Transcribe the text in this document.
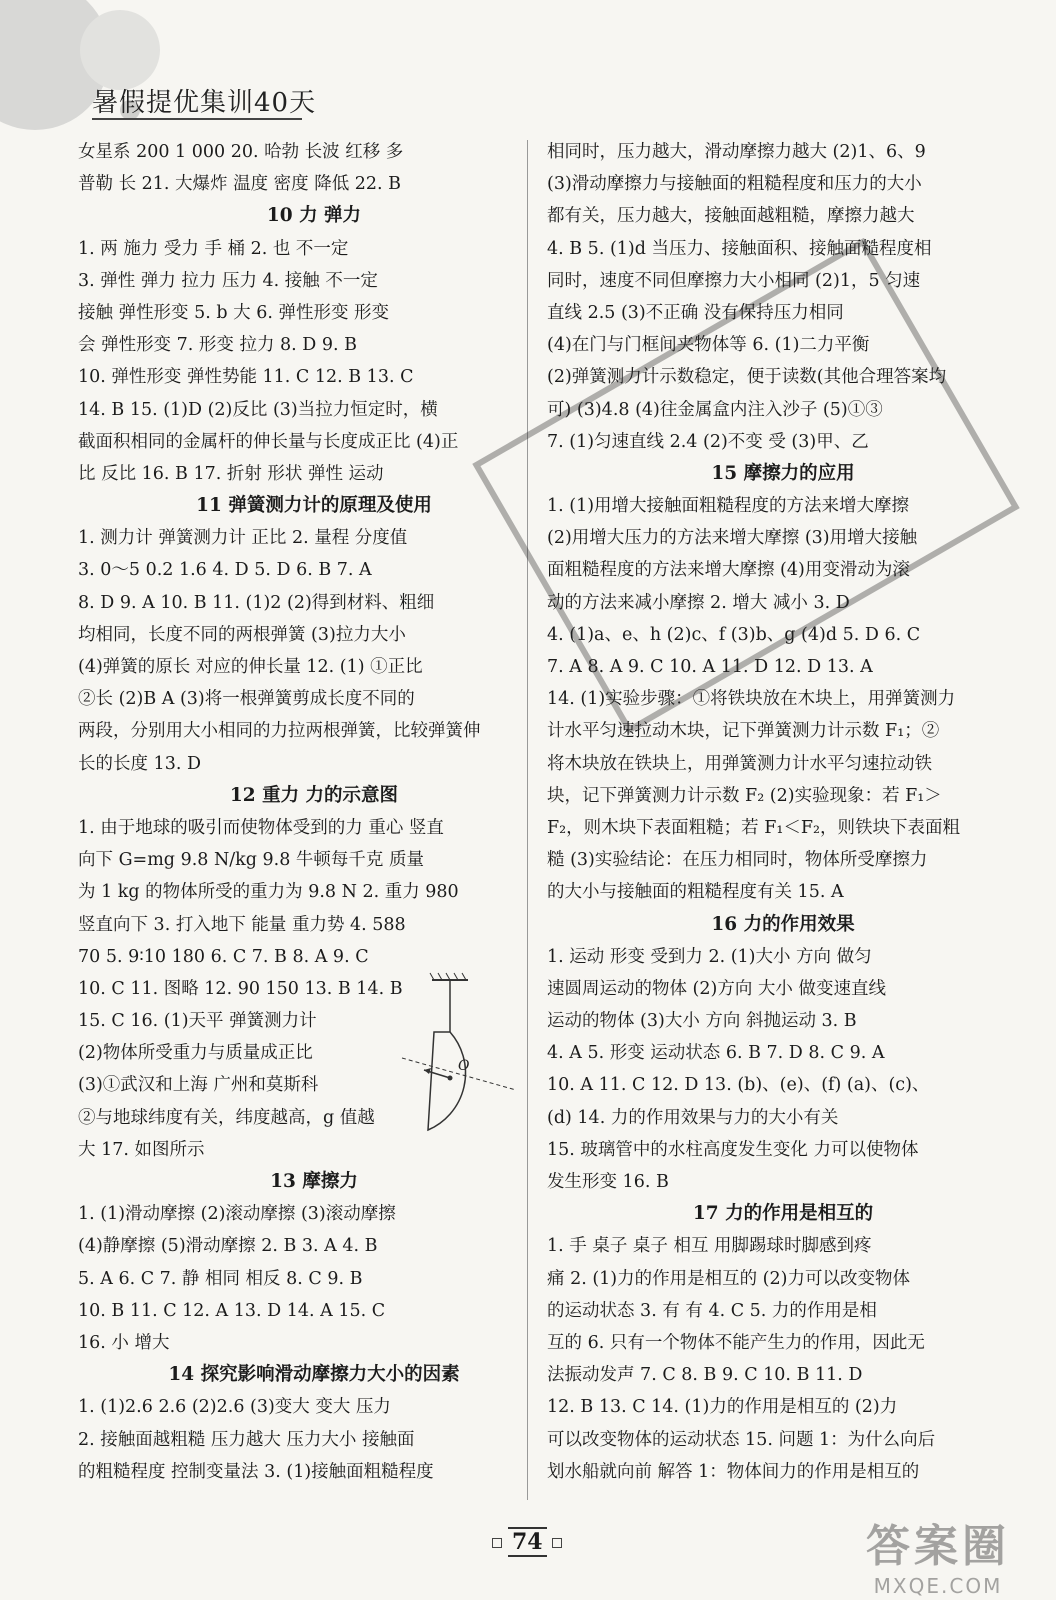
暑假提优集训40天
女星系 200 1 000 20. 哈勃 长波 红移 多
普勒 长 21. 大爆炸 温度 密度 降低 22. B
10 力 弹力
1. 两 施力 受力 手 桶 2. 也 不一定
3. 弹性 弹力 拉力 压力 4. 接触 不一定
接触 弹性形变 5. b 大 6. 弹性形变 形变
会 弹性形变 7. 形变 拉力 8. D 9. B
10. 弹性形变 弹性势能 11. C 12. B 13. C
14. B 15. (1)D (2)反比 (3)当拉力恒定时，横
截面积相同的金属杆的伸长量与长度成正比 (4)正
比 反比 16. B 17. 折射 形状 弹性 运动
11 弹簧测力计的原理及使用
1. 测力计 弹簧测力计 正比 2. 量程 分度值
3. 0～5 0.2 1.6 4. D 5. D 6. B 7. A
8. D 9. A 10. B 11. (1)2 (2)得到材料、粗细
均相同，长度不同的两根弹簧 (3)拉力大小
(4)弹簧的原长 对应的伸长量 12. (1) ①正比
②长 (2)B A (3)将一根弹簧剪成长度不同的
两段，分别用大小相同的力拉两根弹簧，比较弹簧伸
长的长度 13. D
12 重力 力的示意图
1. 由于地球的吸引而使物体受到的力 重心 竖直
向下 G=mg 9.8 N/kg 9.8 牛顿每千克 质量
为 1 kg 的物体所受的重力为 9.8 N 2. 重力 980
竖直向下 3. 打入地下 能量 重力势 4. 588
70 5. 9∶10 180 6. C 7. B 8. A 9. C
10. C 11. 图略 12. 90 150 13. B 14. B
15. C 16. (1)天平 弹簧测力计
(2)物体所受重力与质量成正比
(3)①武汉和上海 广州和莫斯科
②与地球纬度有关，纬度越高，g 值越
大 17. 如图所示
13 摩擦力
1. (1)滑动摩擦 (2)滚动摩擦 (3)滚动摩擦
(4)静摩擦 (5)滑动摩擦 2. B 3. A 4. B
5. A 6. C 7. 静 相同 相反 8. C 9. B
10. B 11. C 12. A 13. D 14. A 15. C
16. 小 增大
14 探究影响滑动摩擦力大小的因素
1. (1)2.6 2.6 (2)2.6 (3)变大 变大 压力
2. 接触面越粗糙 压力越大 压力大小 接触面
的粗糙程度 控制变量法 3. (1)接触面粗糙程度
相同时，压力越大，滑动摩擦力越大 (2)1、6、9
(3)滑动摩擦力与接触面的粗糙程度和压力的大小
都有关，压力越大，接触面越粗糙，摩擦力越大
4. B 5. (1)d 当压力、接触面积、接触面糙程度相
同时，速度不同但摩擦力大小相同 (2)1，5 匀速
直线 2.5 (3)不正确 没有保持压力相同
(4)在门与门框间夹物体等 6. (1)二力平衡
(2)弹簧测力计示数稳定，便于读数(其他合理答案均
可) (3)4.8 (4)往金属盒内注入沙子 (5)①③
7. (1)匀速直线 2.4 (2)不变 受 (3)甲、乙
15 摩擦力的应用
1. (1)用增大接触面粗糙程度的方法来增大摩擦
(2)用增大压力的方法来增大摩擦 (3)用增大接触
面粗糙程度的方法来增大摩擦 (4)用变滑动为滚
动的方法来减小摩擦 2. 增大 减小 3. D
4. (1)a、e、h (2)c、f (3)b、g (4)d 5. D 6. C
7. A 8. A 9. C 10. A 11. D 12. D 13. A
14. (1)实验步骤：①将铁块放在木块上，用弹簧测力
计水平匀速拉动木块，记下弹簧测力计示数 F₁；②
将木块放在铁块上，用弹簧测力计水平匀速拉动铁
块，记下弹簧测力计示数 F₂ (2)实验现象：若 F₁＞
F₂，则木块下表面粗糙；若 F₁＜F₂，则铁块下表面粗
糙 (3)实验结论：在压力相同时，物体所受摩擦力
的大小与接触面的粗糙程度有关 15. A
16 力的作用效果
1. 运动 形变 受到力 2. (1)大小 方向 做匀
速圆周运动的物体 (2)方向 大小 做变速直线
运动的物体 (3)大小 方向 斜抛运动 3. B
4. A 5. 形变 运动状态 6. B 7. D 8. C 9. A
10. A 11. C 12. D 13. (b)、(e)、(f) (a)、(c)、
(d) 14. 力的作用效果与力的大小有关
15. 玻璃管中的水柱高度发生变化 力可以使物体
发生形变 16. B
17 力的作用是相互的
1. 手 桌子 桌子 相互 用脚踢球时脚感到疼
痛 2. (1)力的作用是相互的 (2)力可以改变物体
的运动状态 3. 有 有 4. C 5. 力的作用是相
互的 6. 只有一个物体不能产生力的作用，因此无
法振动发声 7. C 8. B 9. C 10. B 11. D
12. B 13. C 14. (1)力的作用是相互的 (2)力
可以改变物体的运动状态 15. 问题 1：为什么向后
划水船就向前 解答 1：物体间力的作用是相互的
O
74	答案圈
MXQE.COM
